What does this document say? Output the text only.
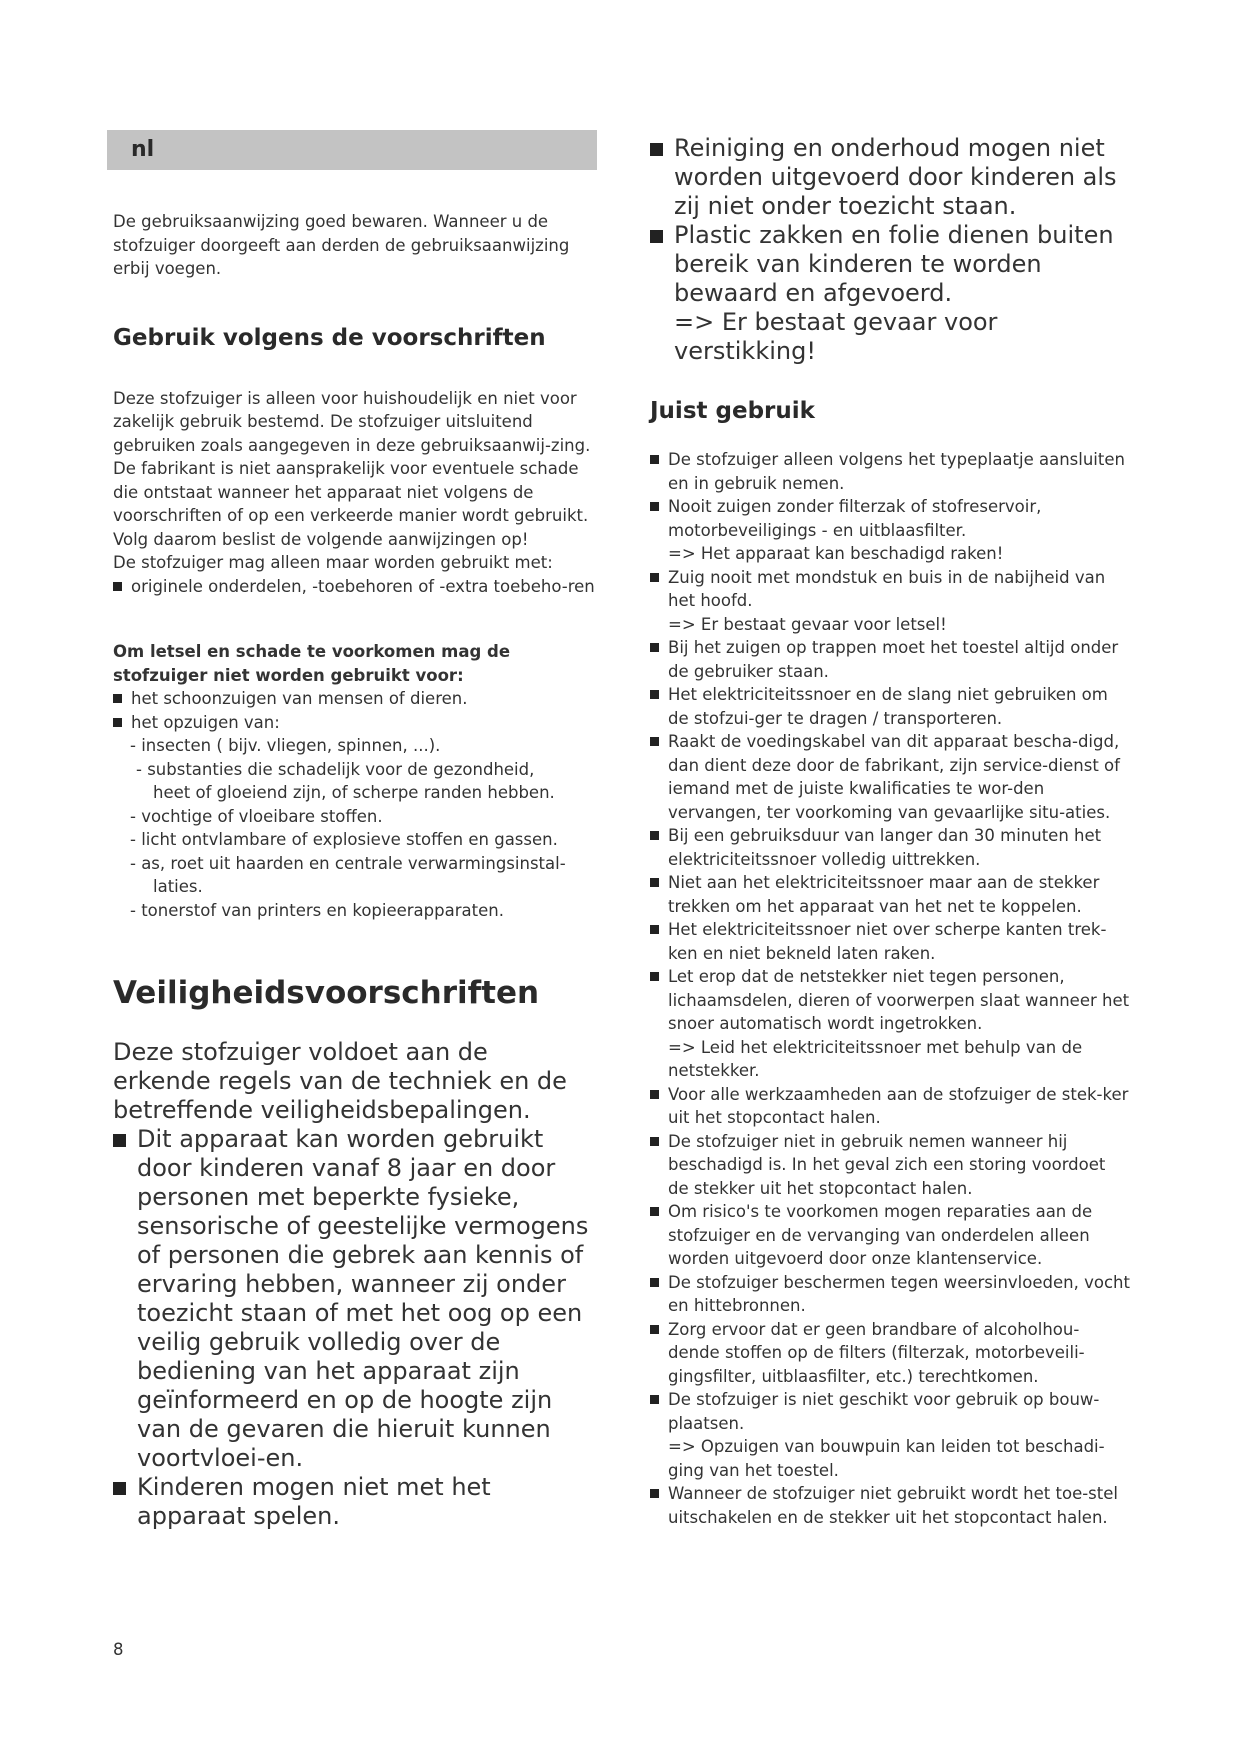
nl

De gebruiksaanwijzing goed bewaren. Wanneer u de stofzuiger doorgeeft aan derden de gebruiksaanwijzing erbij voegen.

Gebruik volgens de voorschriften

Deze stofzuiger is alleen voor huishoudelijk en niet voor zakelijk gebruik bestemd. De stofzuiger uitsluitend gebruiken zoals aangegeven in deze gebruiksaanwij-zing. De fabrikant is niet aansprakelijk voor eventuele schade die ontstaat wanneer het apparaat niet volgens de voorschriften of op een verkeerde manier wordt gebruikt.

Volg daarom beslist de volgende aanwijzingen op!

De stofzuiger mag alleen maar worden gebruikt met:

originele onderdelen, -toebehoren of -extra toebeho-ren

Om letsel en schade te voorkomen mag de stofzuiger niet worden gebruikt voor:

het schoonzuigen van mensen of dieren.
het opzuigen van:
- insecten ( bijv. vliegen, spinnen, ...).
- substanties die schadelijk voor de gezondheid,
heet of gloeiend zijn, of scherpe randen hebben.
- vochtige of vloeibare stoffen.
- licht ontvlambare of explosieve stoffen en gassen.
- as, roet uit haarden en centrale verwarmingsinstal-
laties.
- tonerstof van printers en kopieerapparaten.
Veiligheidsvoorschriften

Deze stofzuiger voldoet aan de erkende regels van de techniek en de betreffende veiligheidsbepalingen.

Dit apparaat kan worden gebruikt door kinderen vanaf 8 jaar en door personen met beperkte fysieke, sensorische of geestelijke vermogens of personen die gebrek aan kennis of ervaring hebben, wanneer zij onder toezicht staan of met het oog op een veilig gebruik volledig over de bediening van het apparaat zijn geïnformeerd en op de hoogte zijn van de gevaren die hieruit kunnen voortvloei-en.
Kinderen mogen niet met het apparaat spelen.
Reiniging en onderhoud mogen niet worden uitgevoerd door kinderen als zij niet onder toezicht staan.
Plastic zakken en folie dienen buiten bereik van kinderen te worden bewaard en afgevoerd.
=> Er bestaat gevaar voor verstikking!
Juist gebruik
De stofzuiger alleen volgens het typeplaatje aansluiten en in gebruik nemen.
Nooit zuigen zonder filterzak of stofreservoir, motorbeveiligings - en uitblaasfilter.
=> Het apparaat kan beschadigd raken!
Zuig nooit met mondstuk en buis in de nabijheid van het hoofd.
=> Er bestaat gevaar voor letsel!
Bij het zuigen op trappen moet het toestel altijd onder de gebruiker staan.
Het elektriciteitssnoer en de slang niet gebruiken om de stofzui-ger te dragen / transporteren.
Raakt de voedingskabel van dit apparaat bescha-digd, dan dient deze door de fabrikant, zijn service-dienst of iemand met de juiste kwalificaties te wor-den vervangen, ter voorkoming van gevaarlijke situ-aties.
Bij een gebruiksduur van langer dan 30 minuten het elektriciteitssnoer volledig uittrekken.
Niet aan het elektriciteitssnoer maar aan de stekker trekken om het apparaat van het net te koppelen.
Het elektriciteitssnoer niet over scherpe kanten trek-ken en niet bekneld laten raken.
Let erop dat de netstekker niet tegen personen, lichaamsdelen, dieren of voorwerpen slaat wanneer het snoer automatisch wordt ingetrokken.
=> Leid het elektriciteitssnoer met behulp van de netstekker.
Voor alle werkzaamheden aan de stofzuiger de stek-ker uit het stopcontact halen.
De stofzuiger niet in gebruik nemen wanneer hij beschadigd is. In het geval zich een storing voordoet de stekker uit het stopcontact halen.
Om risico's te voorkomen mogen reparaties aan de stofzuiger en de vervanging van onderdelen alleen worden uitgevoerd door onze klantenservice.
De stofzuiger beschermen tegen weersinvloeden, vocht en hittebronnen.
Zorg ervoor dat er geen brandbare of alcoholhou-dende stoffen op de filters (filterzak, motorbeveili-gingsfilter, uitblaasfilter, etc.) terechtkomen.
De stofzuiger is niet geschikt voor gebruik op bouw-plaatsen.
=> Opzuigen van bouwpuin kan leiden tot beschadi-ging van het toestel.
Wanneer de stofzuiger niet gebruikt wordt het toe-stel uitschakelen en de stekker uit het stopcontact halen.
8
